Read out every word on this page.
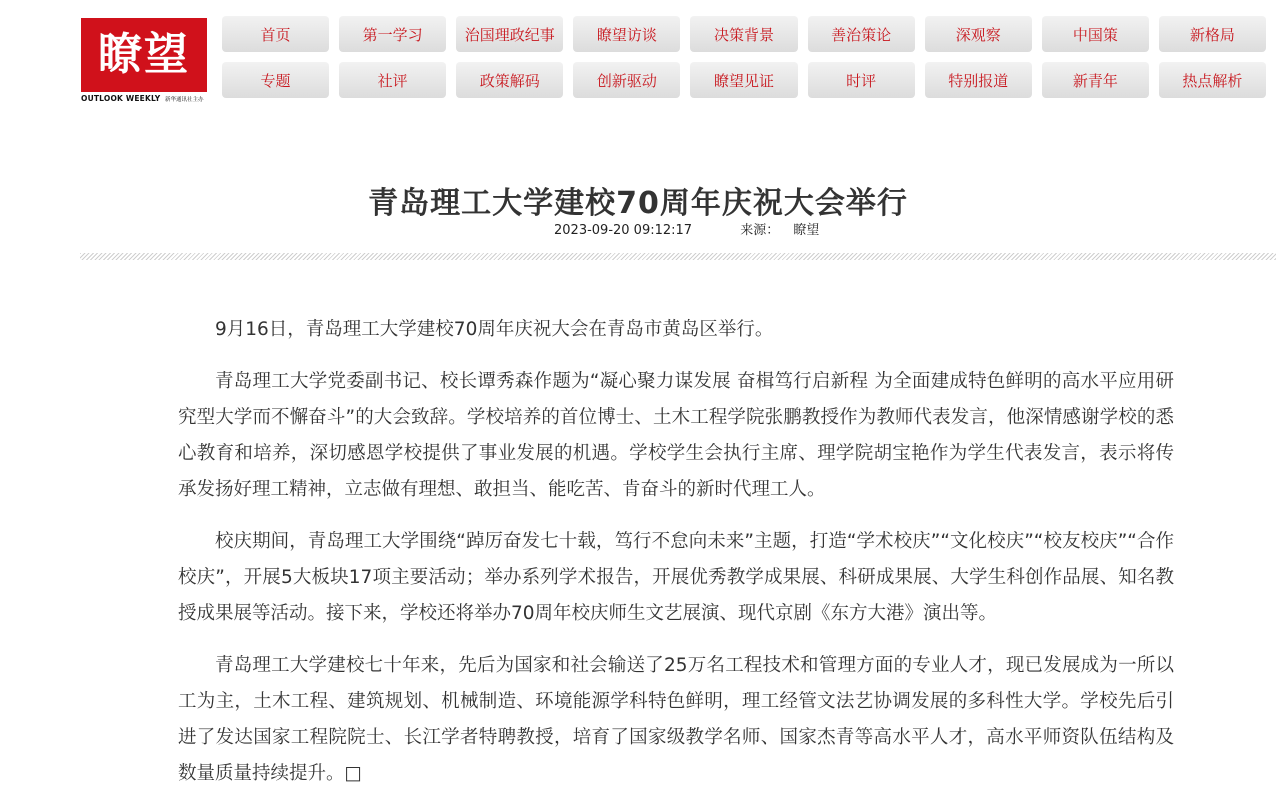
瞭望
OUTLOOK WEEKLY 新华通讯社主办
首页	第一学习	治国理政纪事	瞭望访谈	决策背景	善治策论	深观察	中国策	新格局
专题	社评	政策解码	创新驱动	瞭望见证	时评	特别报道	新青年	热点解析
青岛理工大学建校70周年庆祝大会举行
2023-09-20 09:12:17	来源： 瞭望

9月16日，青岛理工大学建校70周年庆祝大会在青岛市黄岛区举行。

青岛理工大学党委副书记、校长谭秀森作题为“凝心聚力谋发展 奋楫笃行启新程 为全面建成特色鲜明的高水平应用研究型大学而不懈奋斗”的大会致辞。学校培养的首位博士、土木工程学院张鹏教授作为教师代表发言，他深情感谢学校的悉心教育和培养，深切感恩学校提供了事业发展的机遇。学校学生会执行主席、理学院胡宝艳作为学生代表发言，表示将传承发扬好理工精神，立志做有理想、敢担当、能吃苦、肯奋斗的新时代理工人。

校庆期间，青岛理工大学围绕“踔厉奋发七十载，笃行不怠向未来”主题，打造“学术校庆”“文化校庆”“校友校庆”“合作校庆”，开展5大板块17项主要活动；举办系列学术报告，开展优秀教学成果展、科研成果展、大学生科创作品展、知名教授成果展等活动。接下来，学校还将举办70周年校庆师生文艺展演、现代京剧《东方大港》演出等。

青岛理工大学建校七十年来，先后为国家和社会输送了25万名工程技术和管理方面的专业人才，现已发展成为一所以工为主，土木工程、建筑规划、机械制造、环境能源学科特色鲜明，理工经管文法艺协调发展的多科性大学。学校先后引进了发达国家工程院院士、长江学者特聘教授，培育了国家级教学名师、国家杰青等高水平人才，高水平师资队伍结构及数量质量持续提升。□
